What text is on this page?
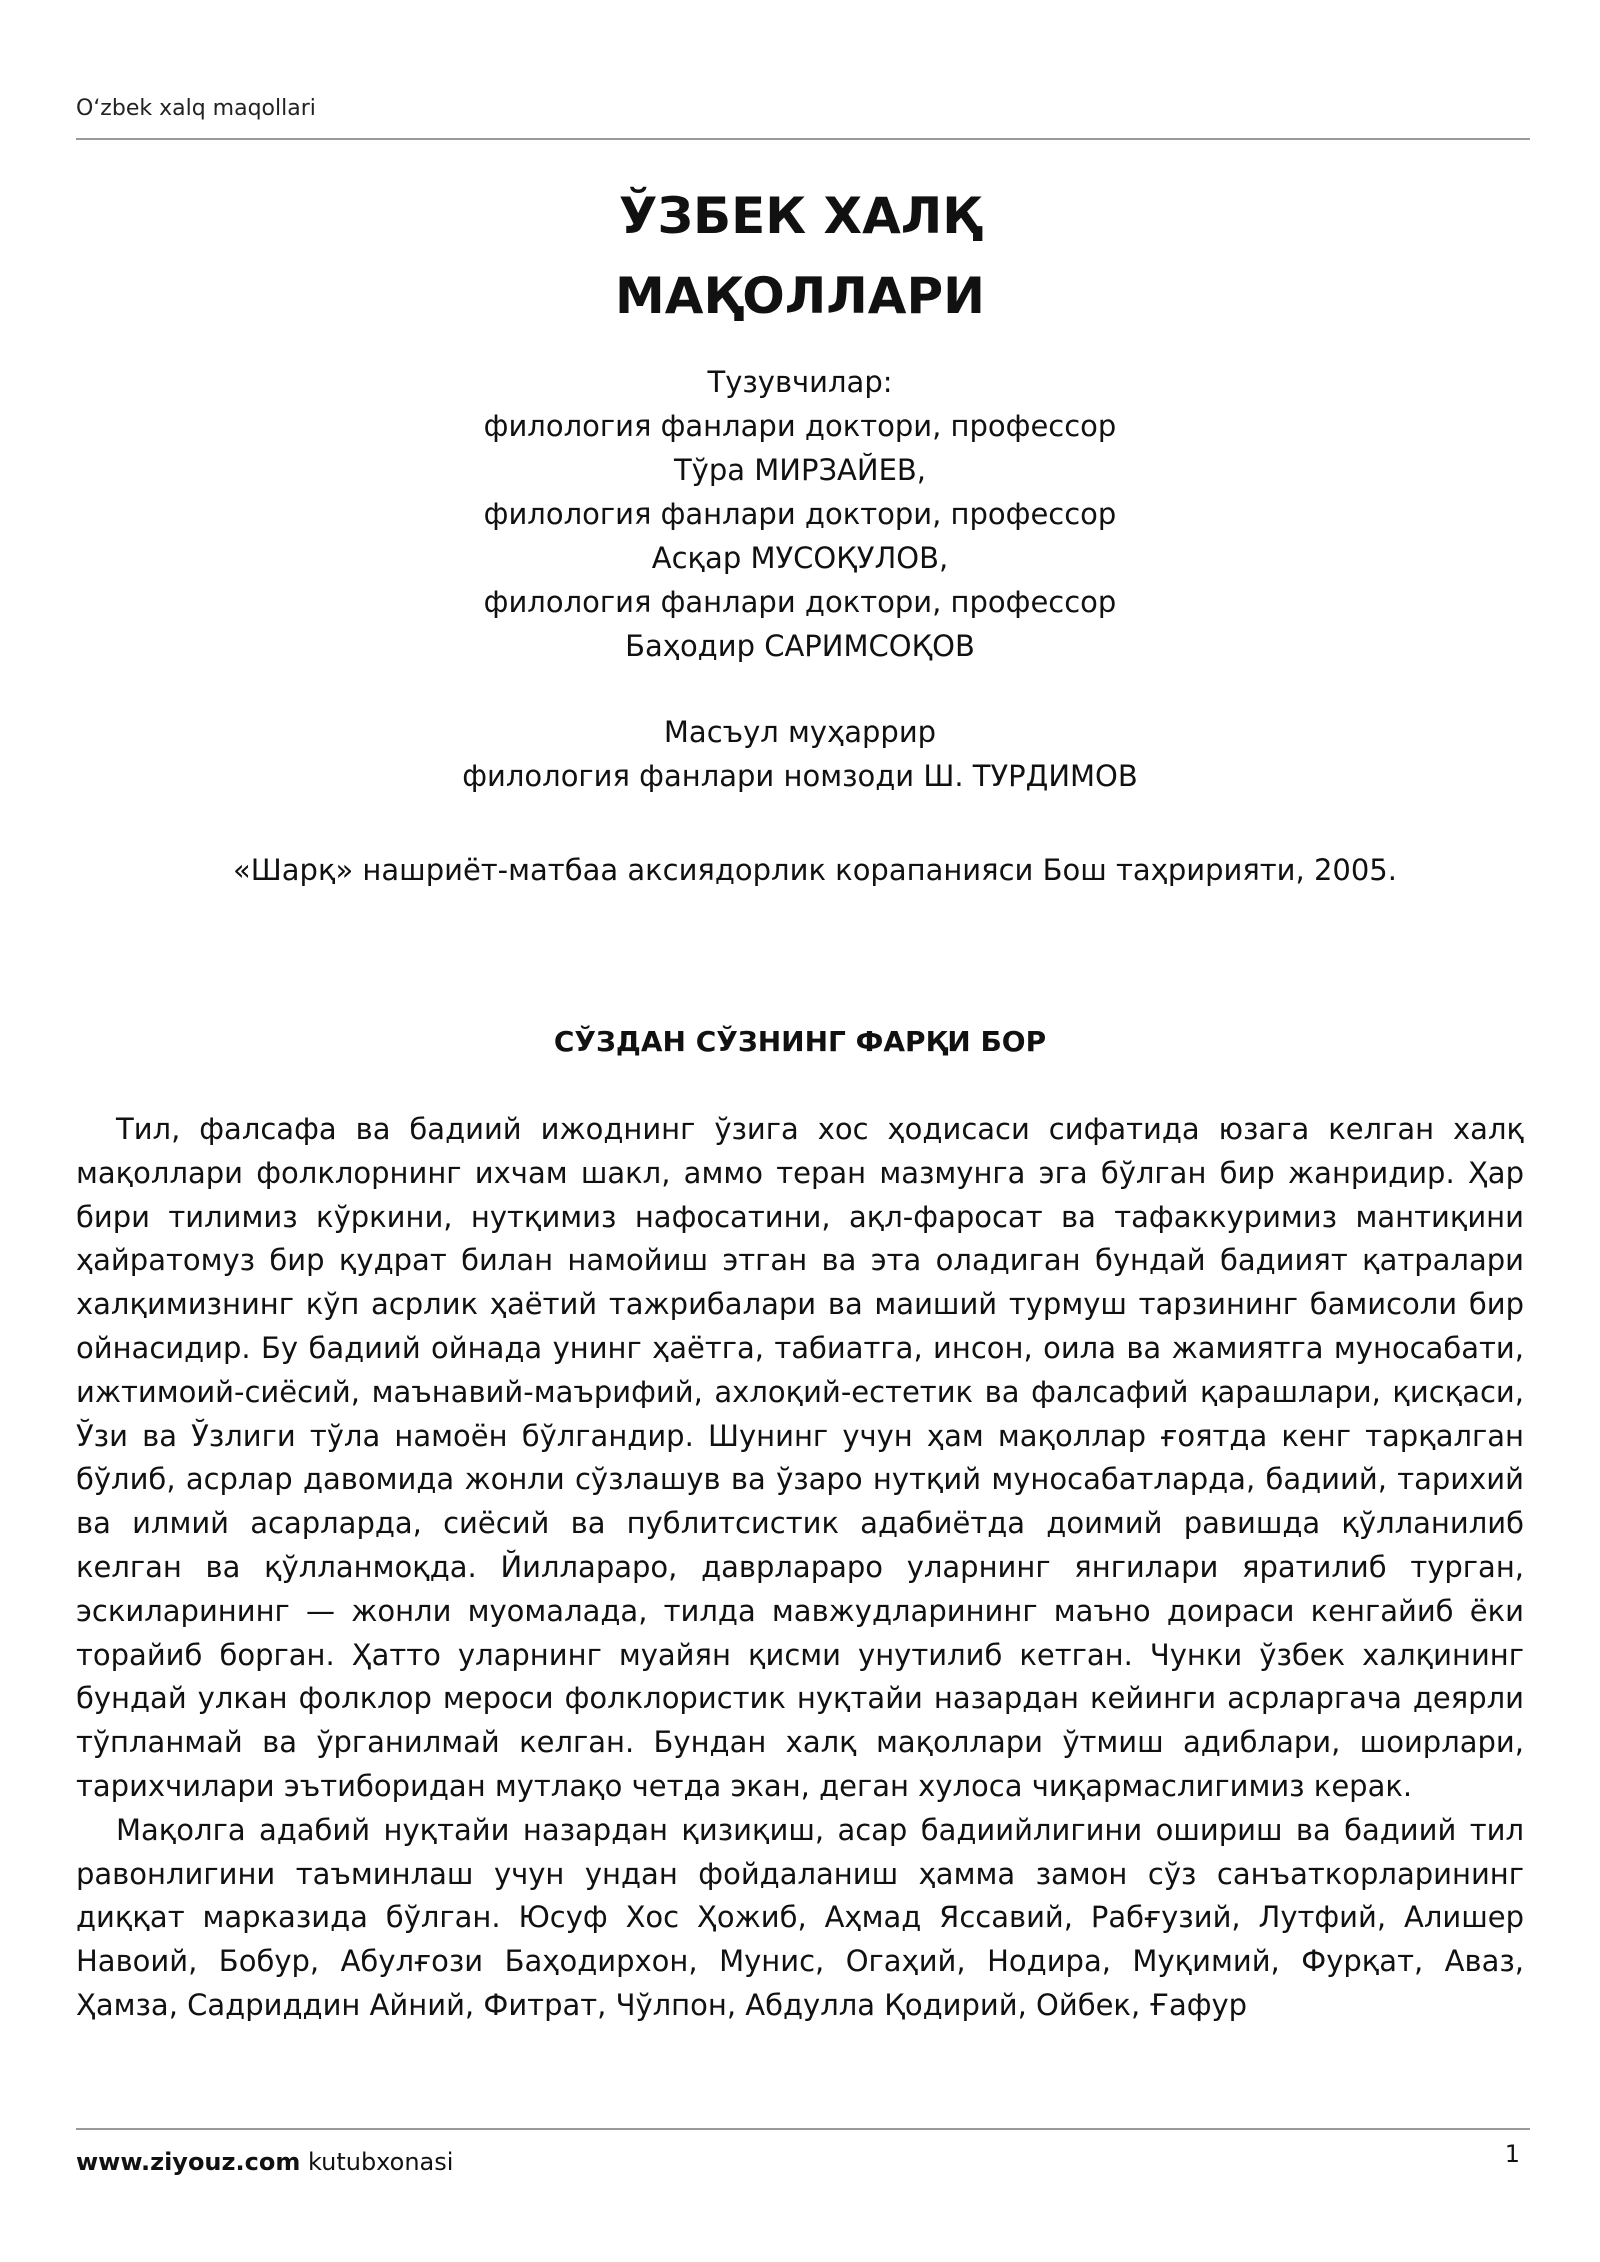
O‘zbek xalq maqollari
ЎЗБЕК ХАЛҚ
МАҚОЛЛАРИ
Тузувчилар:
филология фанлари доктори, профессор
Тўра МИРЗАЙЕВ,
филология фанлари доктори, профессор
Асқар МУСОҚУЛОВ,
филология фанлари доктори, профессор
Баҳодир САРИМСОҚОВ
Масъул муҳаррир
филология фанлари номзоди Ш. ТУРДИМОВ
«Шарқ» нашриёт-матбаа аксиядорлик корапанияси Бош таҳририяти, 2005.
СЎЗДАН СЎЗНИНГ ФАРҚИ БОР

Тил, фалсафа ва бадиий ижоднинг ўзига хос ҳодисаси сифатида юзага келган халқ мақоллари фолклорнинг ихчам шакл, аммо теран мазмунга эга бўлган бир жанридир. Ҳар бири тилимиз кўркини, нутқимиз нафосатини, ақл-фаросат ва тафаккуримиз мантиқини ҳайратомуз бир қудрат билан намойиш этган ва эта оладиган бундай бадиият қатралари халқимизнинг кўп асрлик ҳаётий тажрибалари ва маиший турмуш тарзининг бамисоли бир ойнасидир. Бу бадиий ойнада унинг ҳаётга, табиатга, инсон, оила ва жамиятга муносабати, ижтимоий-сиёсий, маънавий-маърифий, ахлоқий-естетик ва фалсафий қарашлари, қисқаси, Ўзи ва Ўзлиги тўла намоён бўлгандир. Шунинг учун ҳам мақоллар ғоятда кенг тарқалган бўлиб, асрлар давомида жонли сўзлашув ва ўзаро нутқий муносабатларда, бадиий, тарихий ва илмий асарларда, сиёсий ва публитсистик адабиётда доимий равишда қўлланилиб келган ва қўлланмоқда. Йилларaро, даврлараро уларнинг янгилари яратилиб турган, эскиларининг — жонли муомалада, тилда мавжудларининг маъно доираси кенгайиб ёки торайиб борган. Ҳатто уларнинг муайян қисми унутилиб кетган. Чунки ўзбек халқининг бундай улкан фолклор мероси фолклористик нуқтайи назардан кейинги асрларгача деярли тўпланмай ва ўрганилмай келган. Бундан халқ мақоллари ўтмиш адиблари, шоирлари, тарихчилари эътиборидан мутлақо четда экан, деган хулоса чиқармаслигимиз керак.

Мақолга адабий нуқтайи назардан қизиқиш, асар бадиийлигини ошириш ва бадиий тил равонлигини таъминлаш учун ундан фойдаланиш ҳамма замон сўз санъаткорларининг диққат марказида бўлган. Юсуф Хос Ҳожиб, Аҳмад Яссавий, Рабғузий, Лутфий, Алишер Навоий, Бобур, Абулғози Баҳодирхон, Мунис, Огаҳий, Нодира, Муқимий, Фурқат, Аваз, Ҳамза, Садриддин Айний, Фитрат, Чўлпон, Абдулла Қодирий, Ойбек, Ғафур

www.ziyouz.com kutubxonasi	1
